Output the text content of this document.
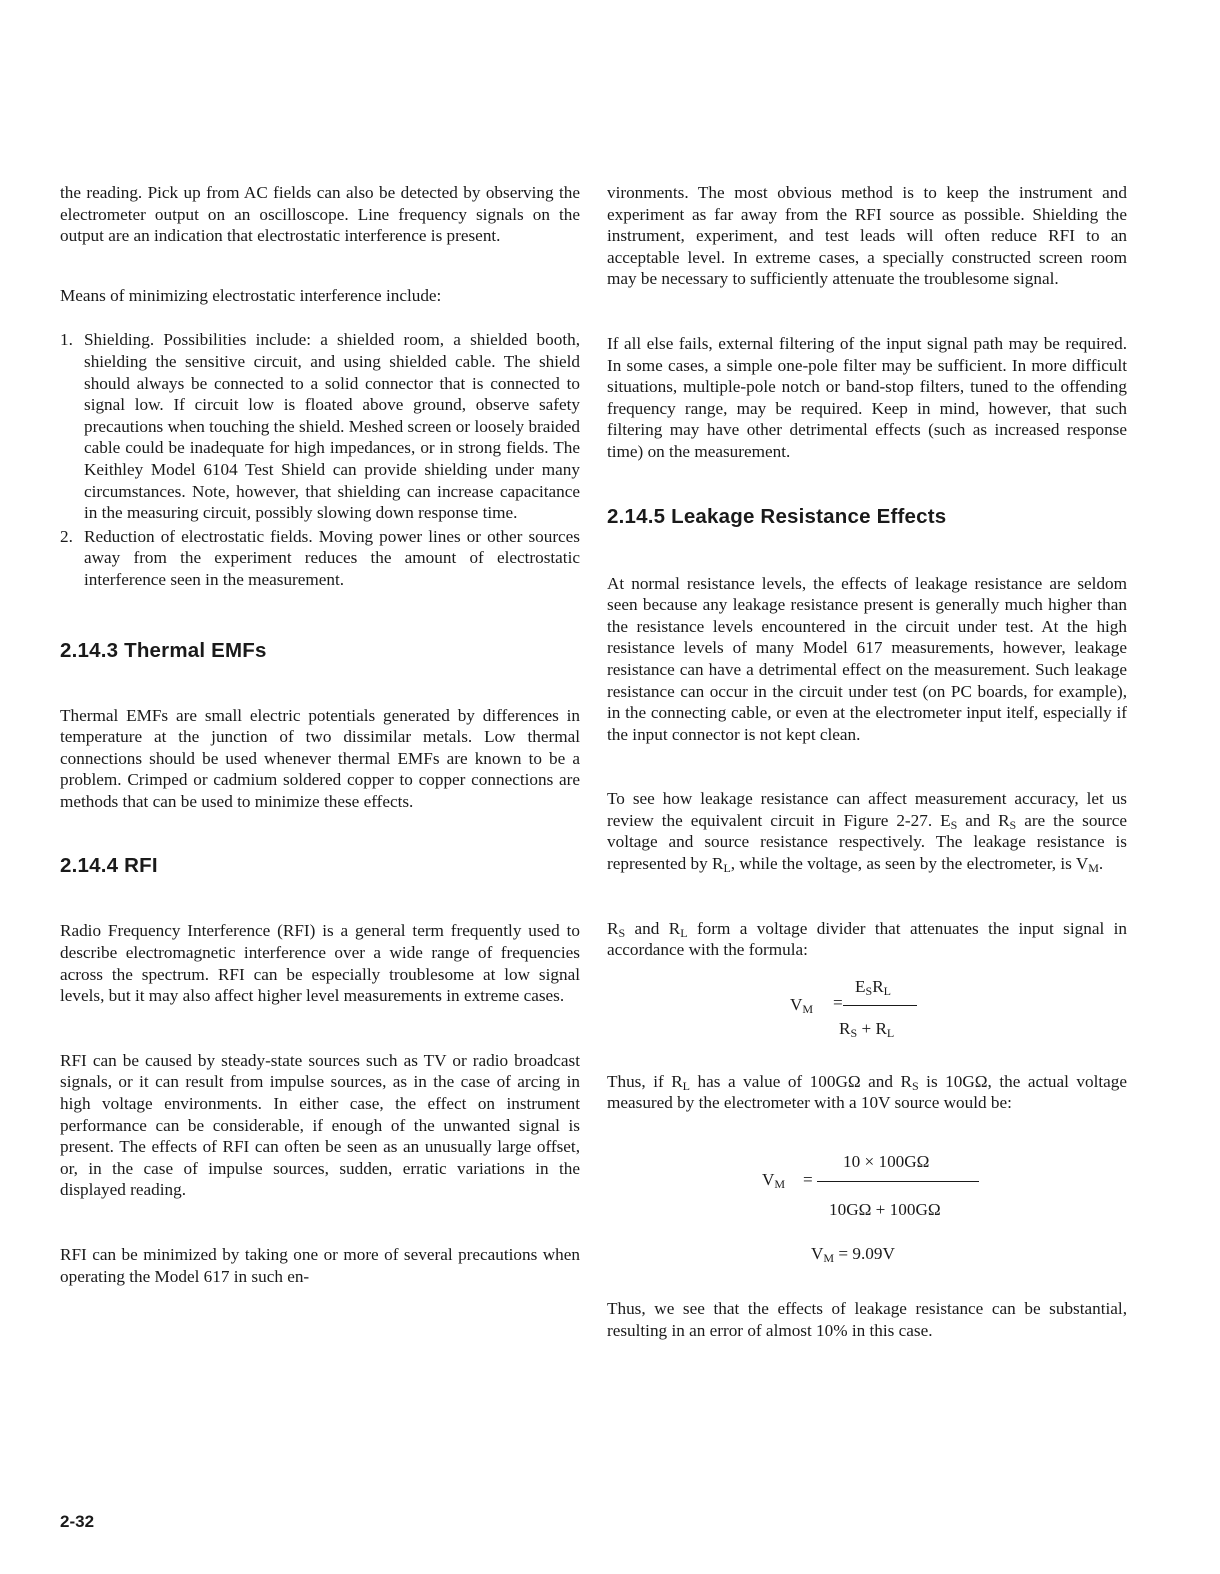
the reading. Pick up from AC fields can also be detected by observing the electrometer output on an oscilloscope. Line frequency signals on the output are an indication that electrostatic interference is present.

Means of minimizing electrostatic interference include:

1. Shielding. Possibilities include: a shielded room, a shielded booth, shielding the sensitive circuit, and using shielded cable. The shield should always be connected to a solid connector that is connected to signal low. If circuit low is floated above ground, observe safety precautions when touching the shield. Meshed screen or loosely braided cable could be inadequate for high impedances, or in strong fields. The Keithley Model 6104 Test Shield can provide shielding under many circumstances. Note, however, that shielding can increase capacitance in the measuring circuit, possibly slowing down response time.
2. Reduction of electrostatic fields. Moving power lines or other sources away from the experiment reduces the amount of electrostatic interference seen in the measurement.
2.14.3 Thermal EMFs

Thermal EMFs are small electric potentials generated by differences in temperature at the junction of two dissimilar metals. Low thermal connections should be used whenever thermal EMFs are known to be a problem. Crimped or cadmium soldered copper to copper connections are methods that can be used to minimize these effects.

2.14.4 RFI

Radio Frequency Interference (RFI) is a general term frequently used to describe electromagnetic interference over a wide range of frequencies across the spectrum. RFI can be especially troublesome at low signal levels, but it may also affect higher level measurements in extreme cases.

RFI can be caused by steady-state sources such as TV or radio broadcast signals, or it can result from impulse sources, as in the case of arcing in high voltage environments. In either case, the effect on instrument performance can be considerable, if enough of the unwanted signal is present. The effects of RFI can often be seen as an unusually large offset, or, in the case of impulse sources, sudden, erratic variations in the displayed reading.

RFI can be minimized by taking one or more of several precautions when operating the Model 617 in such en-

vironments. The most obvious method is to keep the instrument and experiment as far away from the RFI source as possible. Shielding the instrument, experiment, and test leads will often reduce RFI to an acceptable level. In extreme cases, a specially constructed screen room may be necessary to sufficiently attenuate the troublesome signal.

If all else fails, external filtering of the input signal path may be required. In some cases, a simple one-pole filter may be sufficient. In more difficult situations, multiple-pole notch or band-stop filters, tuned to the offending frequency range, may be required. Keep in mind, however, that such filtering may have other detrimental effects (such as increased response time) on the measurement.

2.14.5 Leakage Resistance Effects

At normal resistance levels, the effects of leakage resistance are seldom seen because any leakage resistance present is generally much higher than the resistance levels encountered in the circuit under test. At the high resistance levels of many Model 617 measurements, however, leakage resistance can have a detrimental effect on the measurement. Such leakage resistance can occur in the circuit under test (on PC boards, for example), in the connecting cable, or even at the electrometer input itelf, especially if the input connector is not kept clean.

To see how leakage resistance can affect measurement accuracy, let us review the equivalent circuit in Figure 2-27. $E_S$ and $R_S$ are the source voltage and source resistance respectively. The leakage resistance is represented by $R_L$, while the voltage, as seen by the electrometer, is $V_M$.

$R_S$ and $R_L$ form a voltage divider that attenuates the input signal in accordance with the formula:

$E_SR_L$
$V_M$ =
$R_S + R_L$

Thus, if $R_L$ has a value of 100GΩ and $R_S$ is 10GΩ, the actual voltage measured by the electrometer with a 10V source would be:

10 × 100GΩ
$V_M$ =
10GΩ + 100GΩ
$V_M = 9.09V$

Thus, we see that the effects of leakage resistance can be substantial, resulting in an error of almost 10% in this case.

2-32
